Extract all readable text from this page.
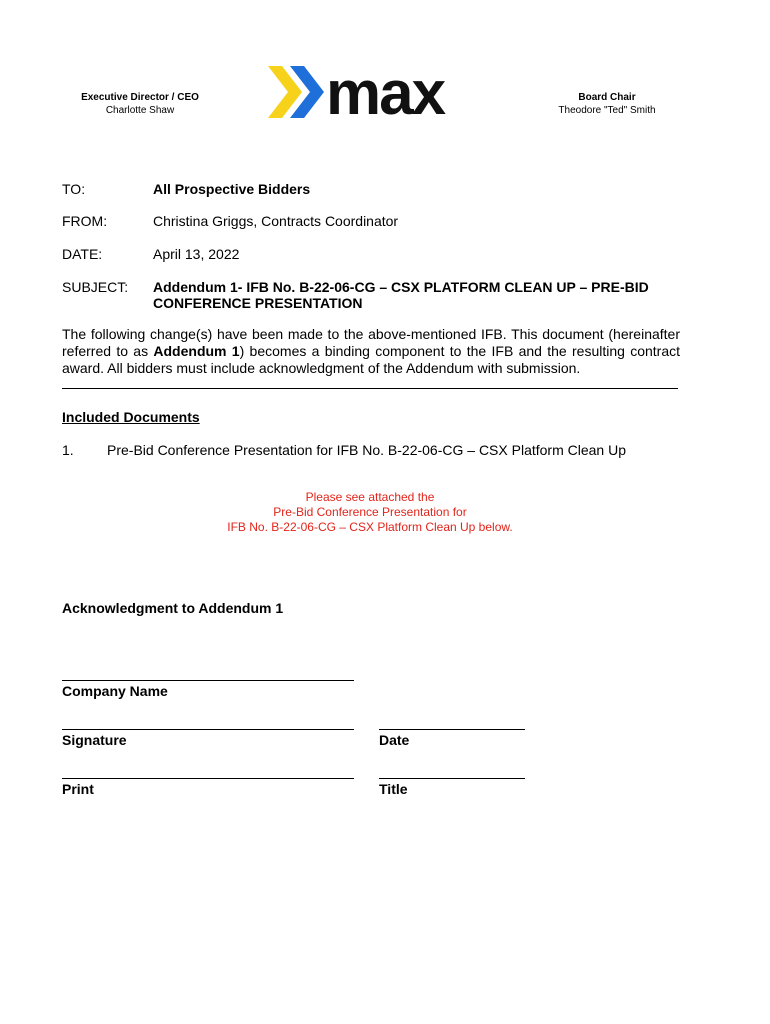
Executive Director / CEO
Charlotte Shaw	max	Board Chair
Theodore "Ted" Smith
TO:	All Prospective Bidders
FROM:	Christina Griggs, Contracts Coordinator
DATE:	April 13, 2022
SUBJECT: Addendum 1- IFB No. B-22-06-CG – CSX PLATFORM CLEAN UP – PRE-BID
CONFERENCE PRESENTATION
The following change(s) have been made to the above-mentioned IFB. This document (hereinafter referred to as Addendum 1) becomes a binding component to the IFB and the resulting contract award. All bidders must include acknowledgment of the Addendum with submission.
Included Documents
1. Pre-Bid Conference Presentation for IFB No. B-22-06-CG – CSX Platform Clean Up
Please see attached the
Pre-Bid Conference Presentation for
IFB No. B-22-06-CG – CSX Platform Clean Up below.
Acknowledgment to Addendum 1
Company Name
Signature	Date
Print	Title
